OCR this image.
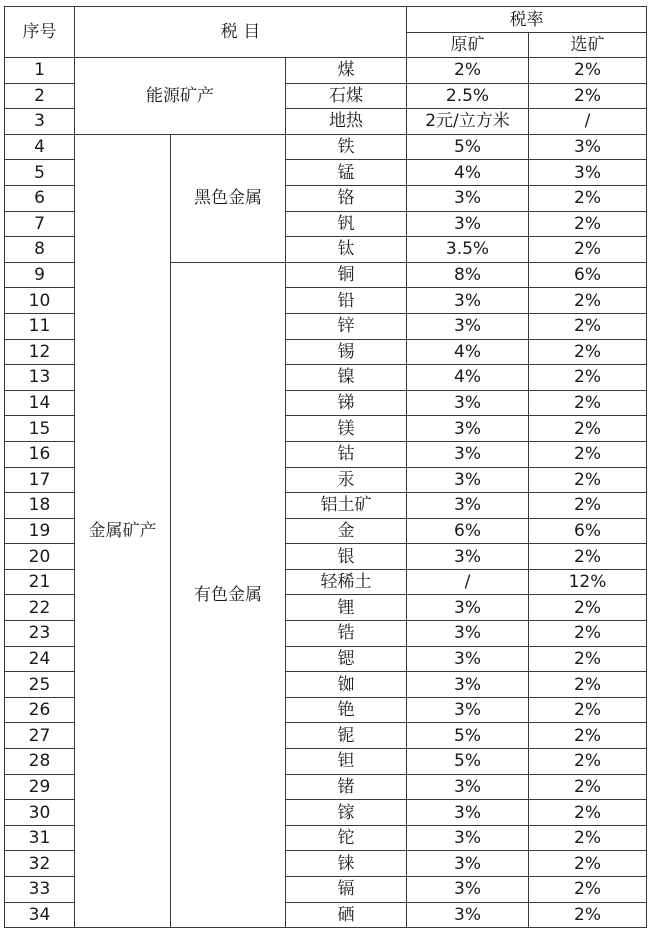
序号	税 目			税率	
				原矿	选矿
1	能源矿产		煤	2%	2%
2			石煤	2.5%	2%
3			地热	2元/立方米	/
4	金属矿产	黑色金属	铁	5%	3%
5			锰	4%	3%
6			铬	3%	2%
7			钒	3%	2%
8			钛	3.5%	2%
9		有色金属	铜	8%	6%
10			铅	3%	2%
11			锌	3%	2%
12			锡	4%	2%
13			镍	4%	2%
14			锑	3%	2%
15			镁	3%	2%
16			钴	3%	2%
17			汞	3%	2%
18			铝土矿	3%	2%
19			金	6%	6%
20			银	3%	2%
21			轻稀土	/	12%
22			锂	3%	2%
23			锆	3%	2%
24			锶	3%	2%
25			铷	3%	2%
26			铯	3%	2%
27			铌	5%	2%
28			钽	5%	2%
29			锗	3%	2%
30			镓	3%	2%
31			铊	3%	2%
32			铼	3%	2%
33			镉	3%	2%
34			硒	3%	2%
